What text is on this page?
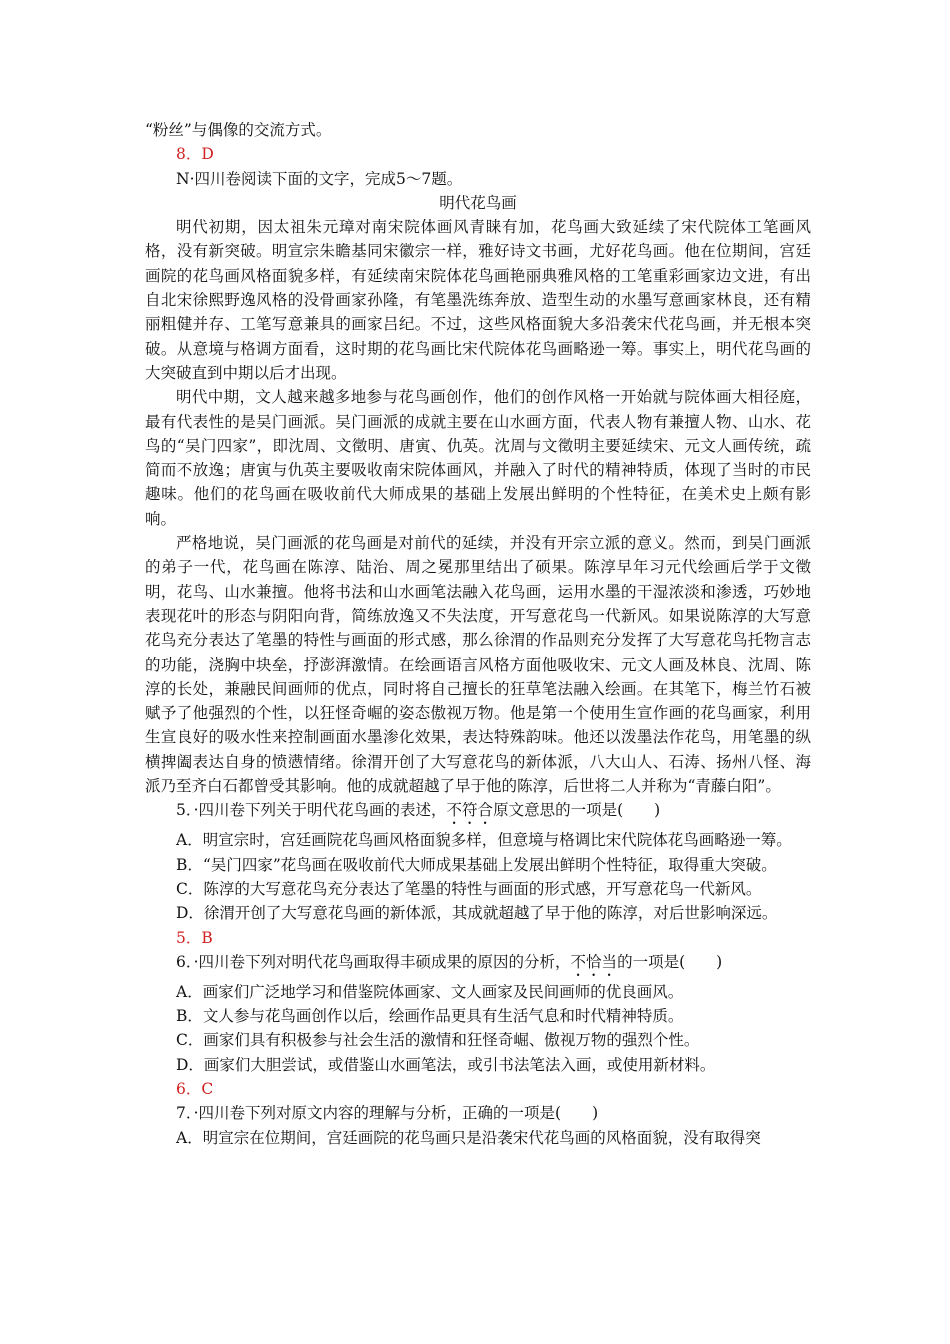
“粉丝”与偶像的交流方式。

8．D

N·四川卷阅读下面的文字，完成5～7题。

明代花鸟画

明代初期，因太祖朱元璋对南宋院体画风青睐有加，花鸟画大致延续了宋代院体工笔画风格，没有新突破。明宣宗朱瞻基同宋徽宗一样，雅好诗文书画，尤好花鸟画。他在位期间，宫廷画院的花鸟画风格面貌多样，有延续南宋院体花鸟画艳丽典雅风格的工笔重彩画家边文进，有出自北宋徐熙野逸风格的没骨画家孙隆，有笔墨洗练奔放、造型生动的水墨写意画家林良，还有精丽粗健并存、工笔写意兼具的画家吕纪。不过，这些风格面貌大多沿袭宋代花鸟画，并无根本突破。从意境与格调方面看，这时期的花鸟画比宋代院体花鸟画略逊一筹。事实上，明代花鸟画的大突破直到中期以后才出现。

明代中期，文人越来越多地参与花鸟画创作，他们的创作风格一开始就与院体画大相径庭，最有代表性的是吴门画派。吴门画派的成就主要在山水画方面，代表人物有兼擅人物、山水、花鸟的“吴门四家”，即沈周、文徵明、唐寅、仇英。沈周与文徵明主要延续宋、元文人画传统，疏简而不放逸；唐寅与仇英主要吸收南宋院体画风，并融入了时代的精神特质，体现了当时的市民趣味。他们的花鸟画在吸收前代大师成果的基础上发展出鲜明的个性特征，在美术史上颇有影响。

严格地说，吴门画派的花鸟画是对前代的延续，并没有开宗立派的意义。然而，到吴门画派的弟子一代，花鸟画在陈淳、陆治、周之冕那里结出了硕果。陈淳早年习元代绘画后学于文徵明，花鸟、山水兼擅。他将书法和山水画笔法融入花鸟画，运用水墨的干湿浓淡和渗透，巧妙地表现花叶的形态与阴阳向背，简练放逸又不失法度，开写意花鸟一代新风。如果说陈淳的大写意花鸟充分表达了笔墨的特性与画面的形式感，那么徐渭的作品则充分发挥了大写意花鸟托物言志的功能，浇胸中块垒，抒澎湃激情。在绘画语言风格方面他吸收宋、元文人画及林良、沈周、陈淳的长处，兼融民间画师的优点，同时将自己擅长的狂草笔法融入绘画。在其笔下，梅兰竹石被赋予了他强烈的个性，以狂怪奇崛的姿态傲视万物。他是第一个使用生宣作画的花鸟画家，利用生宣良好的吸水性来控制画面水墨渗化效果，表达特殊韵味。他还以泼墨法作花鸟，用笔墨的纵横捭阖表达自身的愤懑情绪。徐渭开创了大写意花鸟的新体派，八大山人、石涛、扬州八怪、海派乃至齐白石都曾受其影响。他的成就超越了早于他的陈淳，后世将二人并称为“青藤白阳”。

5．·四川卷下列关于明代花鸟画的表述，不符合原文意思的一项是(　　)

A．明宣宗时，宫廷画院花鸟画风格面貌多样，但意境与格调比宋代院体花鸟画略逊一筹。

B．“吴门四家”花鸟画在吸收前代大师成果基础上发展出鲜明个性特征，取得重大突破。

C．陈淳的大写意花鸟充分表达了笔墨的特性与画面的形式感，开写意花鸟一代新风。

D．徐渭开创了大写意花鸟画的新体派，其成就超越了早于他的陈淳，对后世影响深远。

5．B

6．·四川卷下列对明代花鸟画取得丰硕成果的原因的分析，不恰当的一项是(　　)

A．画家们广泛地学习和借鉴院体画家、文人画家及民间画师的优良画风。

B．文人参与花鸟画创作以后，绘画作品更具有生活气息和时代精神特质。

C．画家们具有积极参与社会生活的激情和狂怪奇崛、傲视万物的强烈个性。

D．画家们大胆尝试，或借鉴山水画笔法，或引书法笔法入画，或使用新材料。

6．C

7．·四川卷下列对原文内容的理解与分析，正确的一项是(　　)

A．明宣宗在位期间，宫廷画院的花鸟画只是沿袭宋代花鸟画的风格面貌，没有取得突
